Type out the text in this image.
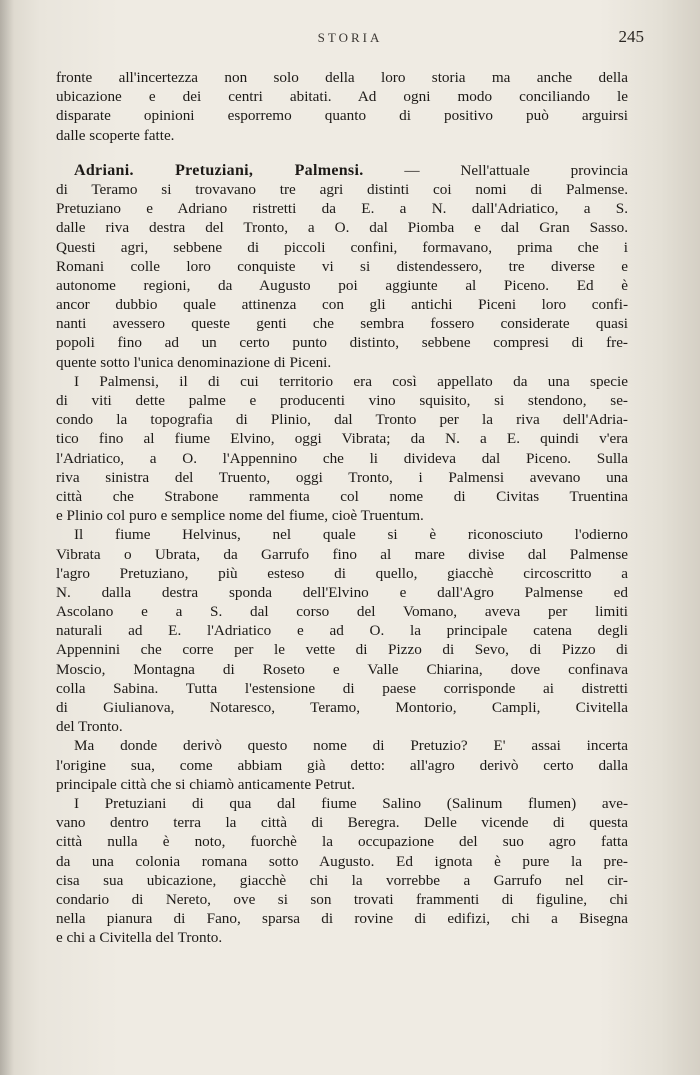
STORIA	245
fronte all'incertezza non solo della loro storia ma anche della
ubicazione e dei centri abitati. Ad ogni modo conciliando le
disparate opinioni esporremo quanto di positivo può arguirsi
dalle scoperte fatte.
Adriani. Pretuziani, Palmensi. — Nell'attuale provincia
di Teramo si trovavano tre agri distinti coi nomi di Palmense.
Pretuziano e Adriano ristretti da E. a N. dall'Adriatico, a S.
dalle riva destra del Tronto, a O. dal Piomba e dal Gran Sasso.
Questi agri, sebbene di piccoli confini, formavano, prima che i
Romani colle loro conquiste vi si distendessero, tre diverse e
autonome regioni, da Augusto poi aggiunte al Piceno. Ed è
ancor dubbio quale attinenza con gli antichi Piceni loro confi-
nanti avessero queste genti che sembra fossero considerate quasi
popoli fino ad un certo punto distinto, sebbene compresi di fre-
quente sotto l'unica denominazione di Piceni.
I Palmensi, il di cui territorio era così appellato da una specie
di viti dette palme e producenti vino squisito, si stendono, se-
condo la topografia di Plinio, dal Tronto per la riva dell'Adria-
tico fino al fiume Elvino, oggi Vibrata; da N. a E. quindi v'era
l'Adriatico, a O. l'Appennino che li divideva dal Piceno. Sulla
riva sinistra del Truento, oggi Tronto, i Palmensi avevano una
città che Strabone rammenta col nome di Civitas Truentina
e Plinio col puro e semplice nome del fiume, cioè Truentum.
Il fiume Helvinus, nel quale si è riconosciuto l'odierno
Vibrata o Ubrata, da Garrufo fino al mare divise dal Palmense
l'agro Pretuziano, più esteso di quello, giacchè circoscritto a
N. dalla destra sponda dell'Elvino e dall'Agro Palmense ed
Ascolano e a S. dal corso del Vomano, aveva per limiti
naturali ad E. l'Adriatico e ad O. la principale catena degli
Appennini che corre per le vette di Pizzo di Sevo, di Pizzo di
Moscio, Montagna di Roseto e Valle Chiarina, dove confinava
colla Sabina. Tutta l'estensione di paese corrisponde ai distretti
di Giulianova, Notaresco, Teramo, Montorio, Campli, Civitella
del Tronto.
Ma donde derivò questo nome di Pretuzio? E' assai incerta
l'origine sua, come abbiam già detto: all'agro derivò certo dalla
principale città che si chiamò anticamente Petrut.
I Pretuziani di qua dal fiume Salino (Salinum flumen) ave-
vano dentro terra la città di Beregra. Delle vicende di questa
città nulla è noto, fuorchè la occupazione del suo agro fatta
da una colonia romana sotto Augusto. Ed ignota è pure la pre-
cisa sua ubicazione, giacchè chi la vorrebbe a Garrufo nel cir-
condario di Nereto, ove si son trovati frammenti di figuline, chi
nella pianura di Fano, sparsa di rovine di edifizi, chi a Bisegna
e chi a Civitella del Tronto.
